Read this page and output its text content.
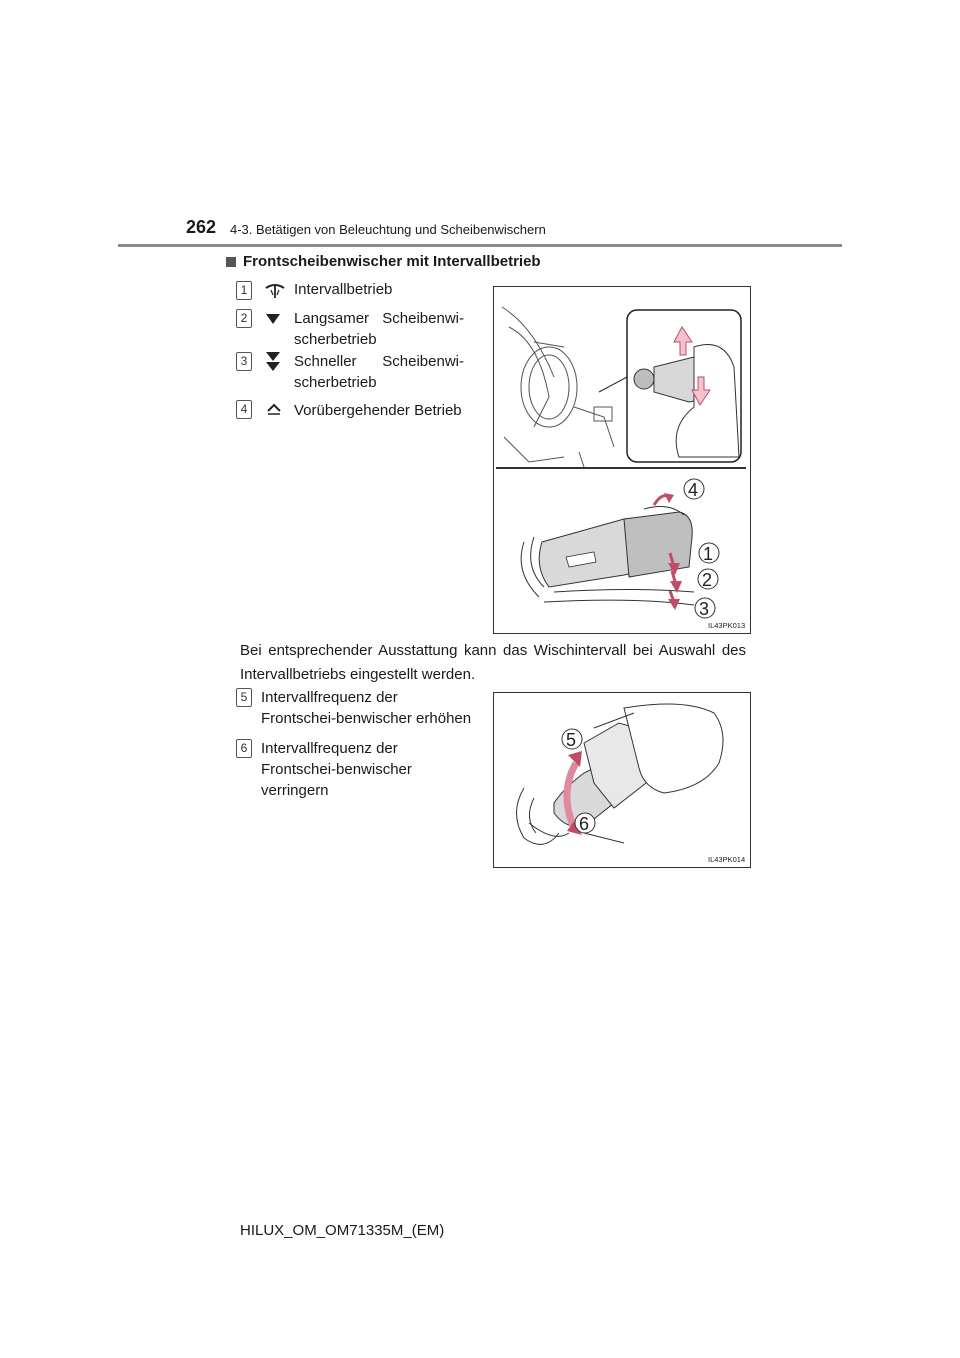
262 4-3. Betätigen von Beleuchtung und Scheibenwischern
Frontscheibenwischer mit Intervallbetrieb
1	Intervallbetrieb
2	Langsamer Scheibenwi-scherbetrieb
3	Schneller Scheibenwi-scherbetrieb
4	Vorübergehender Betrieb
4
1
2
3
IL43PK013
Bei entsprechender Ausstattung kann das Wischintervall bei Auswahl des Intervallbetriebs eingestellt werden.
5 Intervallfrequenz der Frontschei-benwischer erhöhen
6 Intervallfrequenz der Frontschei-benwischer verringern
5
6
IL43PK014
HILUX_OM_OM71335M_(EM)
